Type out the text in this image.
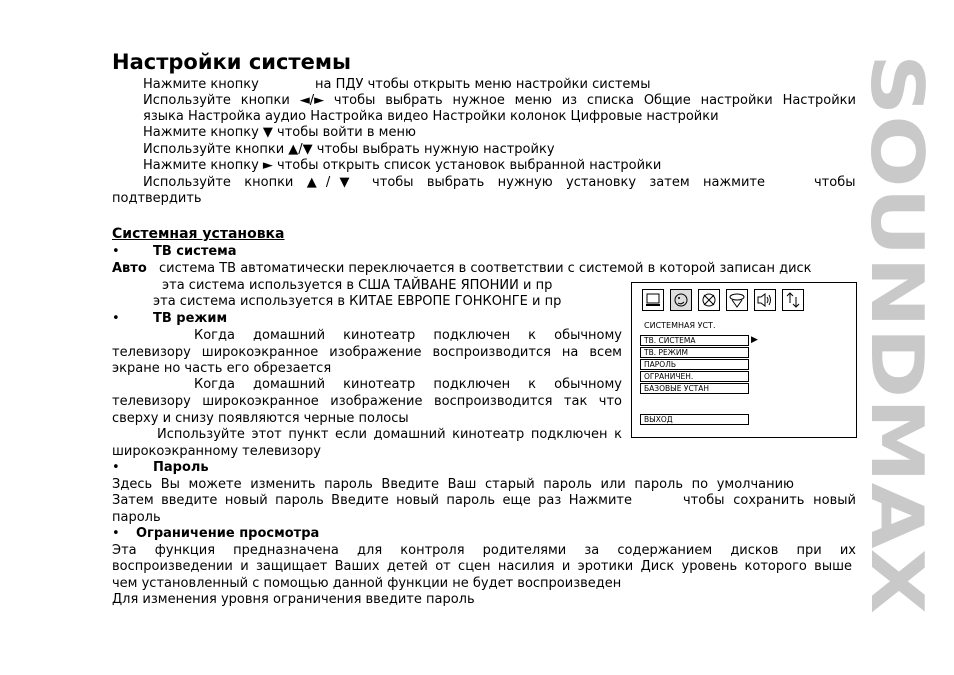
Настройки системы
Нажмите кнопку	на ПДУ чтобы открыть меню настройки системы
Используйте кнопки ◄/► чтобы выбрать нужное меню из списка Общие настройки Настройки
языка Настройка аудио Настройка видео Настройки колонок Цифровые настройки
Нажмите кнопку ▼ чтобы войти в меню
Используйте кнопки ▲/▼ чтобы выбрать нужную настройку
Нажмите кнопку ► чтобы открыть список установок выбранной настройки
Используйте кнопки ▲/▼ чтобы выбрать нужную установку затем нажмите	чтобы
подтвердить
Системная установка
•	ТВ система
Авто система ТВ автоматически переключается в соответствии с системой в которой записан диск
эта система используется в США ТАЙВАНЕ ЯПОНИИ и пр
эта система используется в КИТАЕ ЕВРОПЕ ГОНКОНГЕ и пр
•	ТВ режим
Когда домашний кинотеатр подключен к обычному
телевизору широкоэкранное изображение воспроизводится на всем
экране но часть его обрезается
Когда домашний кинотеатр подключен к обычному
телевизору широкоэкранное изображение воспроизводится так что
сверху и снизу появляются черные полосы
Используйте этот пункт если домашний кинотеатр подключен к
широкоэкранному телевизору
•	Пароль
Здесь Вы можете изменить пароль Введите Ваш старый пароль или пароль по умолчанию
Затем введите новый пароль Введите новый пароль еще раз Нажмите	чтобы сохранить новый
пароль
• Ограничение просмотра
Эта функция предназначена для контроля родителями за содержанием дисков при их
воспроизведении и защищает Ваших детей от сцен насилия и эротики Диск уровень которого выше
чем установленный с помощью данной функции не будет воспроизведен
Для изменения уровня ограничения введите пароль
СИСТЕМНАЯ УСТ.
ТВ. СИСТЕМА	▶
ТВ. РЕЖИМ
ПАРОЛЬ
ОГРАНИЧЕН.
БАЗОВЫЕ УСТАН
ВЫХОД	SOUNDMAX
